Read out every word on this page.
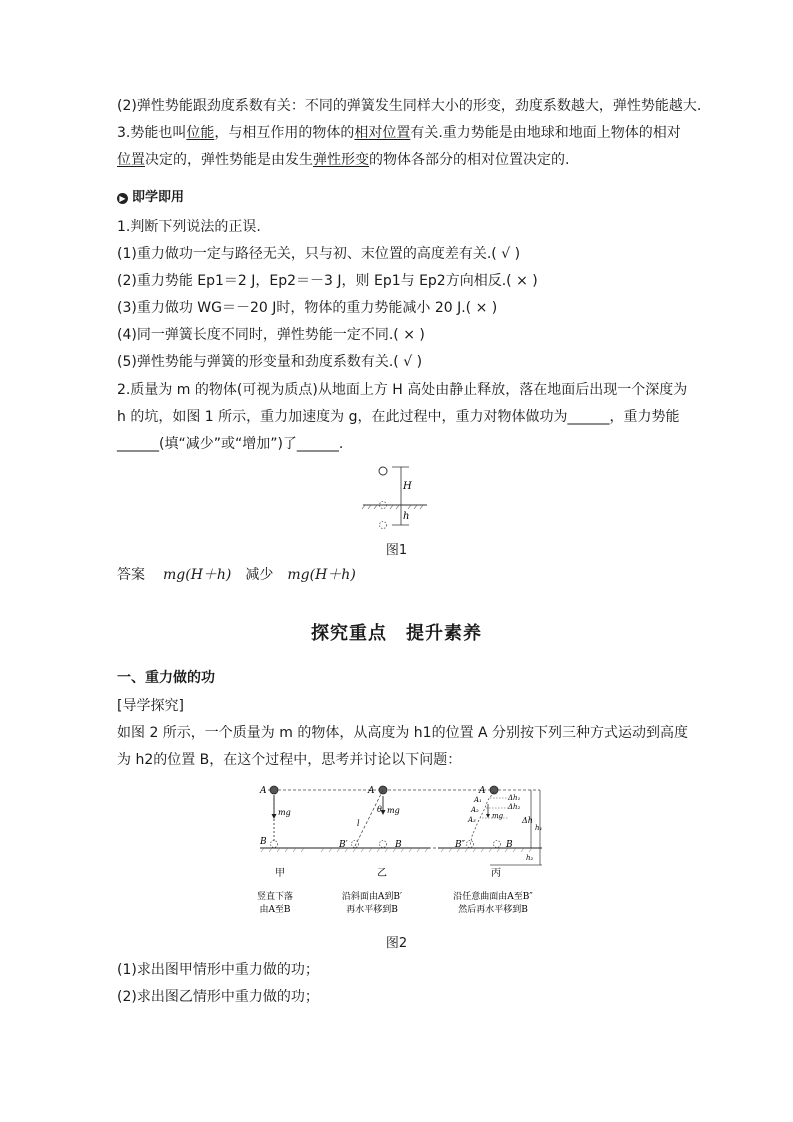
(2)弹性势能跟劲度系数有关：不同的弹簧发生同样大小的形变，劲度系数越大，弹性势能越大.
3.势能也叫位能，与相互作用的物体的相对位置有关.重力势能是由地球和地面上物体的相对
位置决定的，弹性势能是由发生弹性形变的物体各部分的相对位置决定的.
▶ 即学即用
1.判断下列说法的正误.
(1)重力做功一定与路径无关，只与初、末位置的高度差有关.( √ )
(2)重力势能 Ep1＝2 J，Ep2＝－3 J，则 Ep1与 Ep2方向相反.( × )
(3)重力做功 WG＝－20 J时，物体的重力势能减小 20 J.( × )
(4)同一弹簧长度不同时，弹性势能一定不同.( × )
(5)弹性势能与弹簧的形变量和劲度系数有关.( √ )
2.质量为 m 的物体(可视为质点)从地面上方 H 高处由静止释放，落在地面后出现一个深度为
h 的坑，如图 1 所示，重力加速度为 g，在此过程中，重力对物体做功为______，重力势能
______(填“减少”或“增加”)了______.
H
h
图1
答案 mg(H＋h) 减少 mg(H＋h)
探究重点　提升素养
一、重力做的功
[导学探究]
如图 2 所示，一个质量为 m 的物体，从高度为 h1的位置 A 分别按下列三种方式运动到高度
为 h2的位置 B，在这个过程中，思考并讨论以下问题：
A
mg
B
A
θ mg
l
B′	B
A
A₁
A₂
A₃
Δh₁
Δh₂
mg
B″	B
Δh
h₁
h₂
甲	乙	丙
竖直下落
由A至B
沿斜面由A到B′
再水平移到B
沿任意曲面由A至B″
然后再水平移到B
图2
(1)求出图甲情形中重力做的功；
(2)求出图乙情形中重力做的功；
